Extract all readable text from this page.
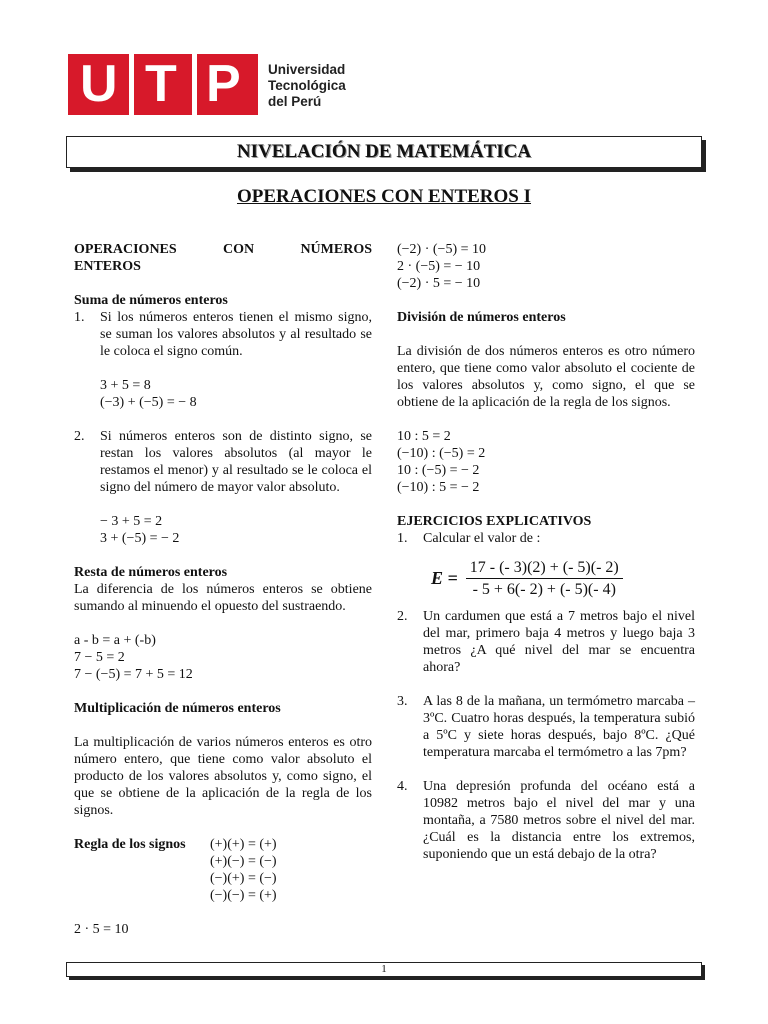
U T P Universidad
Tecnológica
del Perú
NIVELACIÓN DE MATEMÁTICA
OPERACIONES CON ENTEROS I
OPERACIONES	CON	NÚMEROS
ENTEROS
Suma de números enteros
1. Si los números enteros tienen el mismo signo, se suman los valores absolutos y al resultado se le coloca el signo común.
3 + 5 = 8
(−3) + (−5) = − 8
2. Si números enteros son de distinto signo, se restan los valores absolutos (al mayor le restamos el menor) y al resultado se le coloca el signo del número de mayor valor absoluto.
− 3 + 5 = 2
3 + (−5) = − 2
Resta de números enteros
La diferencia de los números enteros se obtiene sumando al minuendo el opuesto del sustraendo.
a - b = a + (-b)
7 − 5 = 2
7 − (−5) = 7 + 5 = 12
Multiplicación de números enteros
La multiplicación de varios números enteros es otro número entero, que tiene como valor absoluto el producto de los valores absolutos y, como signo, el que se obtiene de la aplicación de la regla de los signos.
Regla de los signos	(+)(+) = (+)
(+)(−) = (−)
(−)(+) = (−)
(−)(−) = (+)
2 · 5 = 10
(−2) · (−5) = 10
2 · (−5) = − 10
(−2) · 5 = − 10
División de números enteros
La división de dos números enteros es otro número entero, que tiene como valor absoluto el cociente de los valores absolutos y, como signo, el que se obtiene de la aplicación de la regla de los signos.
10 : 5 = 2
(−10) : (−5) = 2
10 : (−5) = − 2
(−10) : 5 = − 2
EJERCICIOS EXPLICATIVOS
1. Calcular el valor de :
$E = \frac{17 - (- 3)(2) + (- 5)(- 2)}{- 5 + 6(- 2) + (- 5)(- 4)}$
2. Un cardumen que está a 7 metros bajo el nivel del mar, primero baja 4 metros y luego baja 3 metros ¿A qué nivel del mar se encuentra ahora?
3. A las 8 de la mañana, un termómetro marcaba – 3ºC. Cuatro horas después, la temperatura subió a 5ºC y siete horas después, bajo 8ºC. ¿Qué temperatura marcaba el termómetro a las 7pm?
4. Una depresión profunda del océano está a 10982 metros bajo el nivel del mar y una montaña, a 7580 metros sobre el nivel del mar. ¿Cuál es la distancia entre los extremos, suponiendo que un está debajo de la otra?
1
